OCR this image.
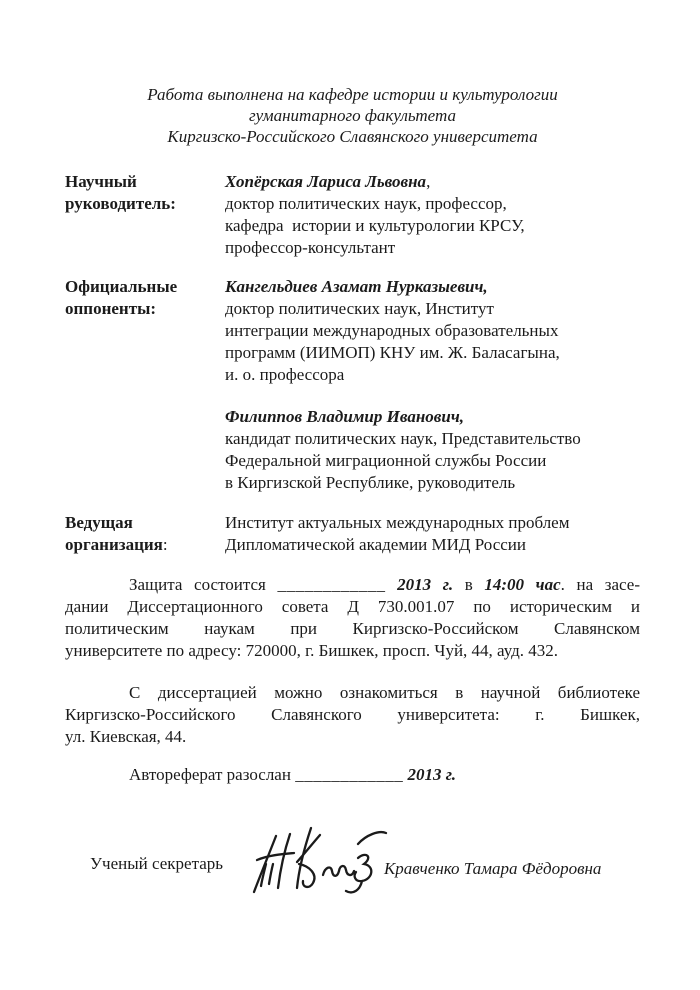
Работа выполнена на кафедре истории и культурологии
гуманитарного факультета
Киргизско-Российского Славянского университета
Научный
руководитель:
Хопёрская Лариса Львовна,
доктор политических наук, профессор,
кафедра  истории и культурологии КРСУ,
профессор-консультант
Официальные
оппоненты:
Кангельдиев Азамат Нурказыевич,
доктор политических наук, Институт
интеграции международных образовательных
программ (ИИМОП) КНУ им. Ж. Баласагына,
и. о. профессора
Филиппов Владимир Иванович,
кандидат политических наук, Представительство
Федеральной миграционной службы России
в Киргизской Республике, руководитель
Ведущая
организация:
Институт актуальных международных проблем
Дипломатической академии МИД России
Защита состоится ____________ 2013 г. в 14:00 час. на засе-
дании Диссертационного совета Д 730.001.07 по историческим и
политическим наукам при Киргизско-Российском Славянском
университете по адресу: 720000, г. Бишкек, просп. Чуй, 44, ауд. 432.
С диссертацией можно ознакомиться в научной библиотеке
Киргизско-Российского Славянского университета: г. Бишкек,
ул. Киевская, 44.
Автореферат разослан ____________ 2013 г.
Ученый секретарь	Кравченко Тамара Фёдоровна
